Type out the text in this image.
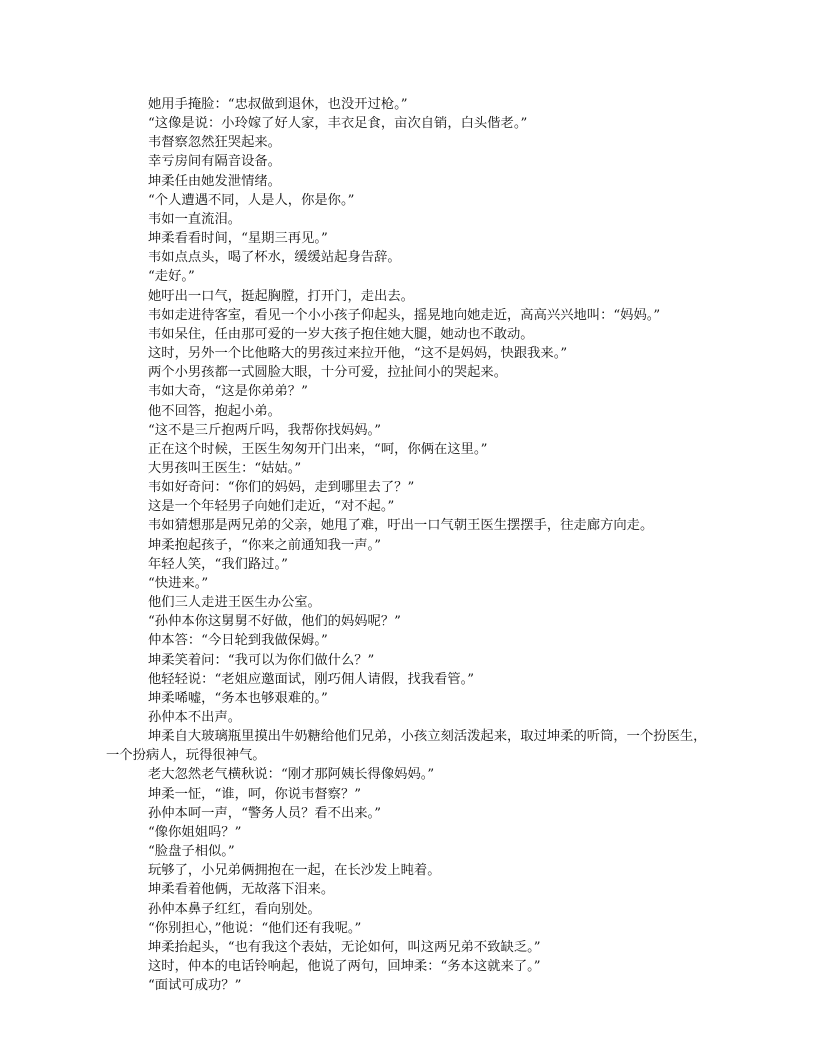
她用手掩脸：“忠叔做到退休，也没开过枪。”

“这像是说：小玲嫁了好人家，丰衣足食，亩次自销，白头偕老。”

韦督察忽然狂哭起来。

幸亏房间有隔音设备。

坤柔任由她发泄情绪。

“个人遭遇不同，人是人，你是你。”

韦如一直流泪。

坤柔看看时间，“星期三再见。”

韦如点点头，喝了杯水，缓缓站起身告辞。

“走好。”

她吁出一口气，挺起胸膛，打开门，走出去。

韦如走进待客室，看见一个小小孩子仰起头，摇晃地向她走近，高高兴兴地叫：“妈妈。”

韦如呆住，任由那可爱的一岁大孩子抱住她大腿，她动也不敢动。

这时，另外一个比他略大的男孩过来拉开他，“这不是妈妈，快跟我来。”

两个小男孩都一式圆脸大眼，十分可爱，拉扯间小的哭起来。

韦如大奇，“这是你弟弟？”

他不回答，抱起小弟。

“这不是三斤抱两斤吗，我帮你找妈妈。”

正在这个时候，王医生匆匆开门出来，“呵，你俩在这里。”

大男孩叫王医生：“姑姑。”

韦如好奇问：“你们的妈妈，走到哪里去了？”

这是一个年轻男子向她们走近，“对不起。”

韦如猜想那是两兄弟的父亲，她甩了难，吁出一口气朝王医生摆摆手，往走廊方向走。

坤柔抱起孩子，“你来之前通知我一声。”

年轻人笑，“我们路过。”

“快进来。”

他们三人走进王医生办公室。

“孙仲本你这舅舅不好做，他们的妈妈呢？”

仲本答：“今日轮到我做保姆。”

坤柔笑着问：“我可以为你们做什么？”

他轻轻说：“老姐应邀面试，刚巧佣人请假，找我看管。”

坤柔唏嘘，“务本也够艰难的。”

孙仲本不出声。

坤柔自大玻璃瓶里摸出牛奶糖给他们兄弟，小孩立刻活泼起来，取过坤柔的听筒，一个扮医生，一个扮病人，玩得很神气。

老大忽然老气横秋说：“刚才那阿姨长得像妈妈。”

坤柔一怔，“谁，呵，你说韦督察？”

孙仲本呵一声，“警务人员？看不出来。”

“像你姐姐吗？”

“脸盘子相似。”

玩够了，小兄弟俩拥抱在一起，在长沙发上盹着。

坤柔看着他俩，无故落下泪来。

孙仲本鼻子红红，看向别处。

“你别担心，”他说：“他们还有我呢。”

坤柔抬起头，“也有我这个表姑，无论如何，叫这两兄弟不致缺乏。”

这时，仲本的电话铃响起，他说了两句，回坤柔：“务本这就来了。”

“面试可成功？”
